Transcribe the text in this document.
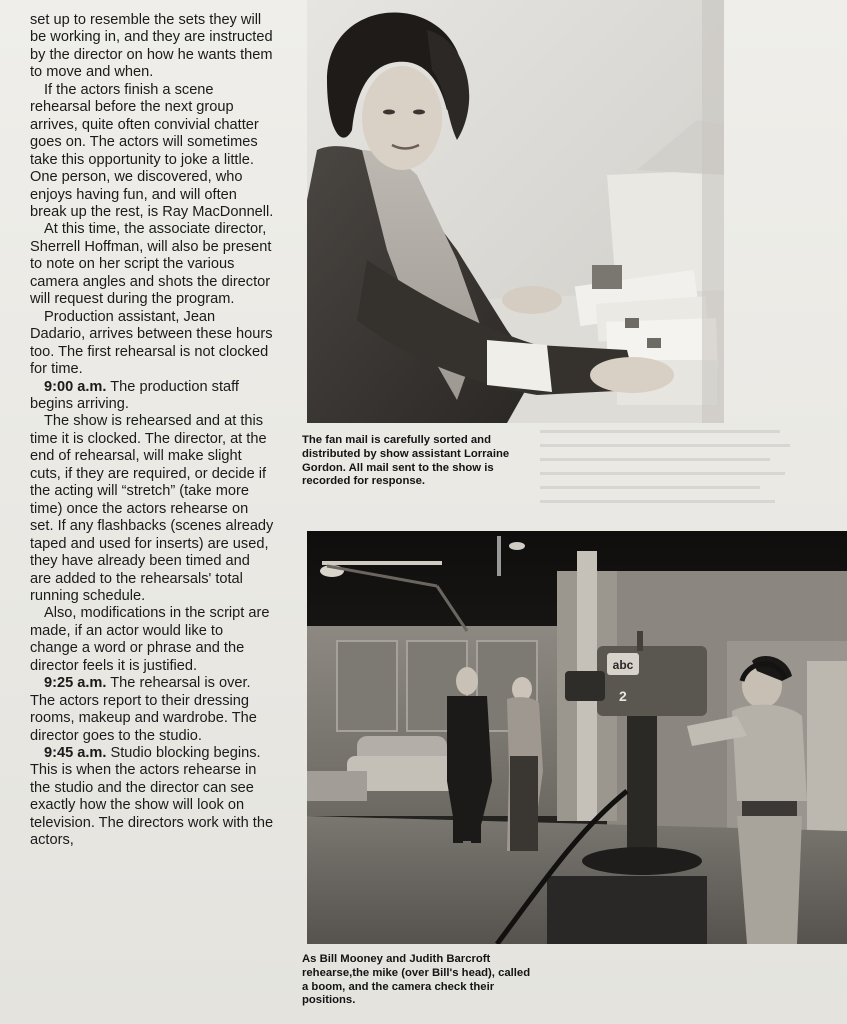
set up to resemble the sets they will be working in, and they are instructed by the director on how he wants them to move and when.

If the actors finish a scene rehearsal before the next group arrives, quite often convivial chatter goes on. The actors will sometimes take this opportunity to joke a little. One person, we discovered, who enjoys having fun, and will often break up the rest, is Ray MacDonnell.

At this time, the associate director, Sherrell Hoffman, will also be present to note on her script the various camera angles and shots the director will request during the program.

Production assistant, Jean Dadario, arrives between these hours too. The first rehearsal is not clocked for time.

9:00 a.m. The production staff begins arriving.

The show is rehearsed and at this time it is clocked. The director, at the end of rehearsal, will make slight cuts, if they are required, or decide if the acting will “stretch” (take more time) once the actors rehearse on set. If any flashbacks (scenes already taped and used for inserts) are used, they have already been timed and are added to the rehearsals' total running schedule.

Also, modifications in the script are made, if an actor would like to change a word or phrase and the director feels it is justified.

9:25 a.m. The rehearsal is over. The actors report to their dressing rooms, makeup and wardrobe. The director goes to the studio.

9:45 a.m. Studio blocking begins. This is when the actors rehearse in the studio and the director can see exactly how the show will look on television. The directors work with the actors,

The fan mail is carefully sorted and distributed by show assistant Lorraine Gordon. All mail sent to the show is recorded for response.
abc
2
As Bill Mooney and Judith Barcroft rehearse,the mike (over Bill's head), called a boom, and the camera check their positions.
